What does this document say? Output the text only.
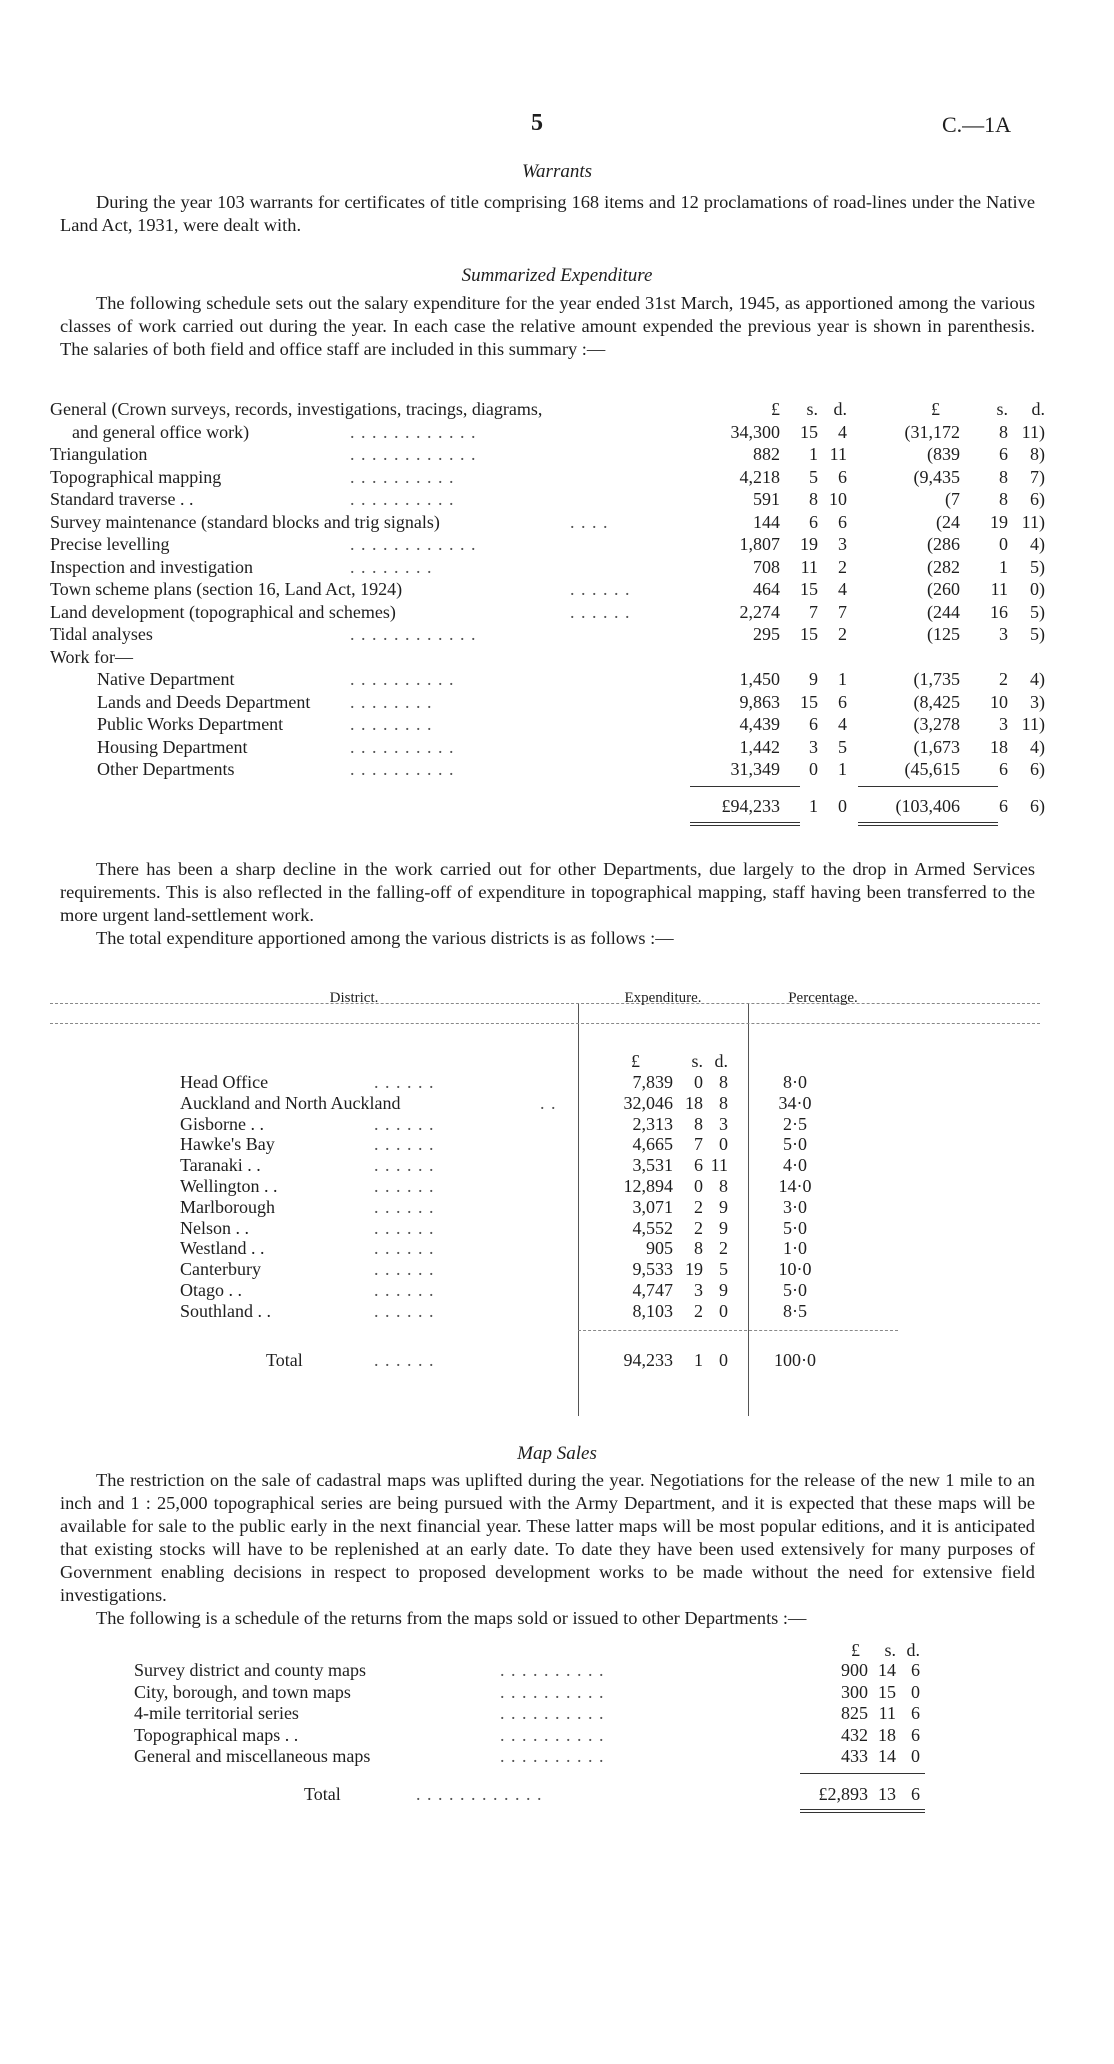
5	C.—1A
Warrants

During the year 103 warrants for certificates of title comprising 168 items and 12 proclamations of road-lines under the Native Land Act, 1931, were dealt with.

Summarized Expenditure

The following schedule sets out the salary expenditure for the year ended 31st March, 1945, as apportioned among the various classes of work carried out during the year. In each case the relative amount expended the previous year is shown in parenthesis. The salaries of both field and office staff are included in this summary :—

£	s. d.	£	s.	d.
General (Crown surveys, records, investigations, tracings, diagrams,
and general office work)	. . . . . . . . . . . .	34,300	15	4	(31,172	8 11)
Triangulation	. . . . . . . . . . . .	882	1 11	(839	6	8)
Topographical mapping	. . . . . . . . . .	4,218	5	6	(9,435	8	7)
Standard traverse . .	. . . . . . . . . .	591	8 10	(7	8	6)
Survey maintenance (standard blocks and trig signals)	. . . .	144	6	6	(24	19 11)
Precise levelling	. . . . . . . . . . . .	1,807	19	3	(286	0	4)
Inspection and investigation	. . . . . . . .	708	11	2	(282	1	5)
Town scheme plans (section 16, Land Act, 1924)	. . . . . .	464	15	4	(260	11	0)
Land development (topographical and schemes)	. . . . . .	2,274	7	7	(244	16	5)
Tidal analyses	. . . . . . . . . . . .	295	15	2	(125	3	5)
Work for—
Native Department	. . . . . . . . . .	1,450	9	1	(1,735	2	4)
Lands and Deeds Department . . . . . . . .	9,863	15	6	(8,425	10	3)
Public Works Department	. . . . . . . .	4,439	6	4	(3,278	3 11)
Housing Department	. . . . . . . . . .	1,442	3	5	(1,673	18	4)
Other Departments	. . . . . . . . . .	31,349	0	1	(45,615	6	6)
£94,233	1	0	(103,406	6	6)

There has been a sharp decline in the work carried out for other Departments, due largely to the drop in Armed Services requirements. This is also reflected in the falling-off of expenditure in topographical mapping, staff having been transferred to the more urgent land-settlement work.

The total expenditure apportioned among the various districts is as follows :—

District.	Expenditure.	Percentage.
£	s. d.
Head Office	. . . . . .	7,839	0 8	8·0
Auckland and North Auckland	. .	32,046 18 8	34·0
Gisborne . .	. . . . . .	2,313	8 3	2·5
Hawke's Bay	. . . . . .	4,665	7 0	5·0
Taranaki . .	. . . . . .	3,531	6 11	4·0
Wellington . .	. . . . . .	12,894	0 8	14·0
Marlborough	. . . . . .	3,071	2 9	3·0
Nelson . .	. . . . . .	4,552	2 9	5·0
Westland . .	. . . . . .	905	8 2	1·0
Canterbury	. . . . . .	9,533 19 5	10·0
Otago . .	. . . . . .	4,747	3 9	5·0
Southland . .	. . . . . .	8,103	2 0	8·5
Total	. . . . . .	94,233	1 0	100·0
Map Sales

The restriction on the sale of cadastral maps was uplifted during the year. Negotiations for the release of the new 1 mile to an inch and 1 : 25,000 topographical series are being pursued with the Army Department, and it is expected that these maps will be available for sale to the public early in the next financial year. These latter maps will be most popular editions, and it is anticipated that existing stocks will have to be replenished at an early date. To date they have been used extensively for many purposes of Government enabling decisions in respect to proposed development works to be made without the need for extensive field investigations.

The following is a schedule of the returns from the maps sold or issued to other Departments :—

£	s. d.
Survey district and county maps	. . . . . . . . . .	900 14 6
City, borough, and town maps	. . . . . . . . . .	300 15 0
4-mile territorial series	. . . . . . . . . .	825 11 6
Topographical maps . .	. . . . . . . . . .	432 18 6
General and miscellaneous maps	. . . . . . . . . .	433 14 0
Total	. . . . . . . . . . . .	£2,893 13 6
